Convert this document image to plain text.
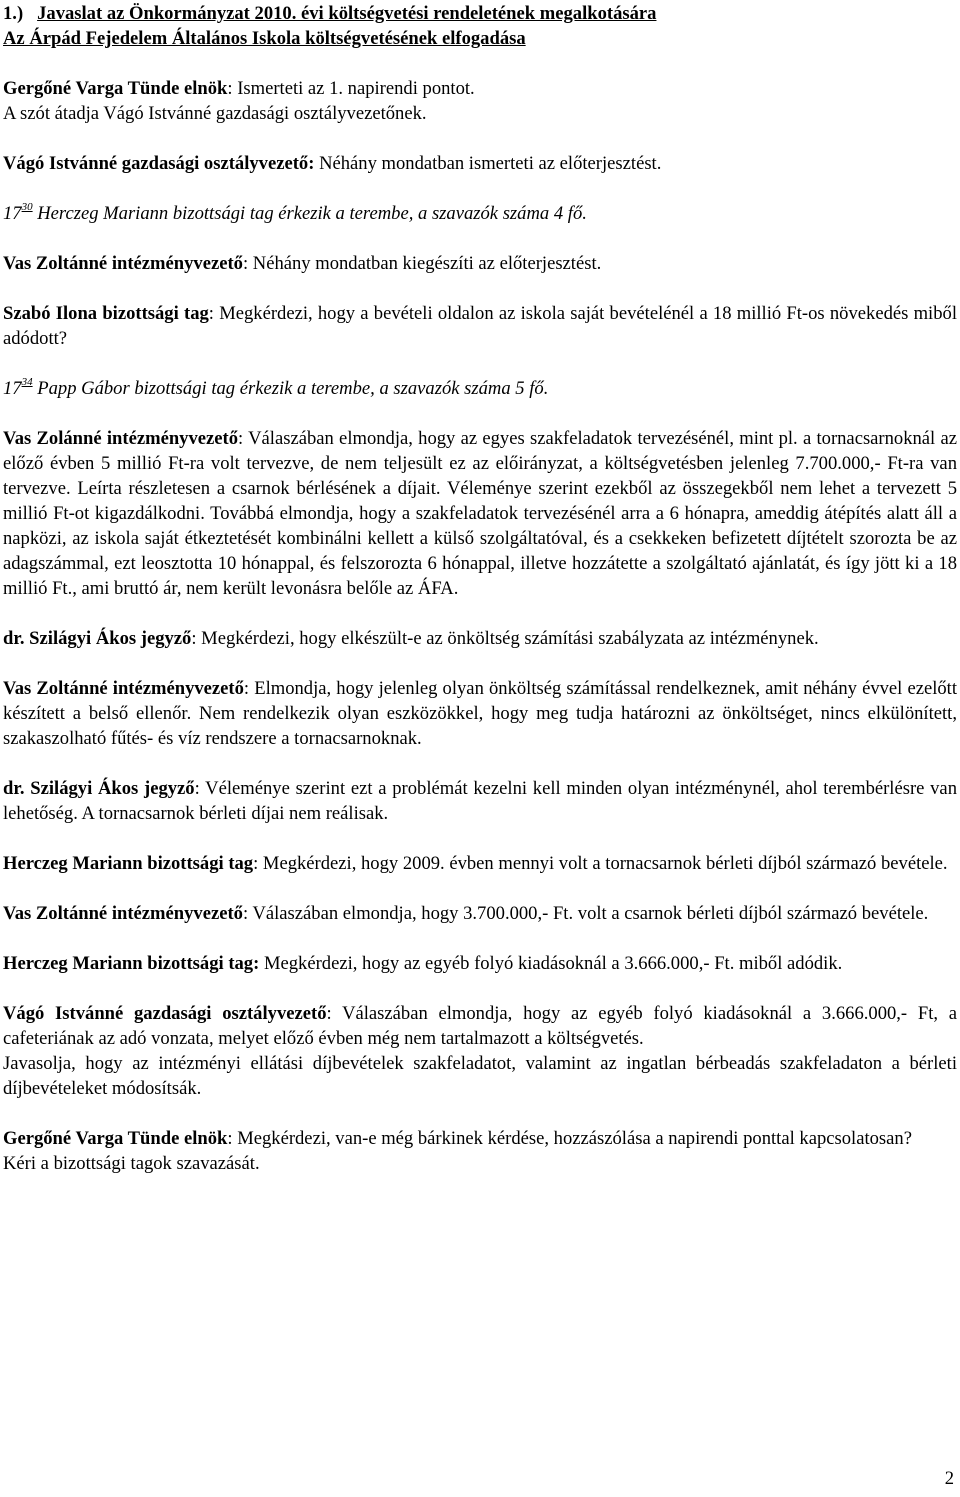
1.) Javaslat az Önkormányzat 2010. évi költségvetési rendeletének megalkotására
Az Árpád Fejedelem Általános Iskola költségvetésének elfogadása

Gergőné Varga Tünde elnök: Ismerteti az 1. napirendi pontot.

A szót átadja Vágó Istvánné gazdasági osztályvezetőnek.

Vágó Istvánné gazdasági osztályvezető: Néhány mondatban ismerteti az előterjesztést.

$17^{30}$ Herczeg Mariann bizottsági tag érkezik a terembe, a szavazók száma 4 fő.

Vas Zoltánné intézményvezető: Néhány mondatban kiegészíti az előterjesztést.

Szabó Ilona bizottsági tag: Megkérdezi, hogy a bevételi oldalon az iskola saját bevételénél a 18 millió Ft-os növekedés miből adódott?

$17^{34}$ Papp Gábor bizottsági tag érkezik a terembe, a szavazók száma 5 fő.

Vas Zolánné intézményvezető: Válaszában elmondja, hogy az egyes szakfeladatok tervezésénél, mint pl. a tornacsarnoknál az előző évben 5 millió Ft-ra volt tervezve, de nem teljesült ez az előirányzat, a költségvetésben jelenleg 7.700.000,- Ft-ra van tervezve. Leírta részletesen a csarnok bérlésének a díjait. Véleménye szerint ezekből az összegekből nem lehet a tervezett 5 millió Ft-ot kigazdálkodni. Továbbá elmondja, hogy a szakfeladatok tervezésénél arra a 6 hónapra, ameddig átépítés alatt áll a napközi, az iskola saját étkeztetését kombinálni kellett a külső szolgáltatóval, és a csekkeken befizetett díjtételt szorozta be az adagszámmal, ezt leosztotta 10 hónappal, és felszorozta 6 hónappal, illetve hozzátette a szolgáltató ajánlatát, és így jött ki a 18 millió Ft., ami bruttó ár, nem került levonásra belőle az ÁFA.

dr. Szilágyi Ákos jegyző: Megkérdezi, hogy elkészült-e az önköltség számítási szabályzata az intézménynek.

Vas Zoltánné intézményvezető: Elmondja, hogy jelenleg olyan önköltség számítással rendelkeznek, amit néhány évvel ezelőtt készített a belső ellenőr. Nem rendelkezik olyan eszközökkel, hogy meg tudja határozni az önköltséget, nincs elkülönített, szakaszolható fűtés- és víz rendszere a tornacsarnoknak.

dr. Szilágyi Ákos jegyző: Véleménye szerint ezt a problémát kezelni kell minden olyan intézménynél, ahol terembérlésre van lehetőség. A tornacsarnok bérleti díjai nem reálisak.

Herczeg Mariann bizottsági tag: Megkérdezi, hogy 2009. évben mennyi volt a tornacsarnok bérleti díjból származó bevétele.

Vas Zoltánné intézményvezető: Válaszában elmondja, hogy 3.700.000,- Ft. volt a csarnok bérleti díjból származó bevétele.

Herczeg Mariann bizottsági tag: Megkérdezi, hogy az egyéb folyó kiadásoknál a 3.666.000,- Ft. miből adódik.

Vágó Istvánné gazdasági osztályvezető: Válaszában elmondja, hogy az egyéb folyó kiadásoknál a 3.666.000,- Ft, a cafeteriának az adó vonzata, melyet előző évben még nem tartalmazott a költségvetés.

Javasolja, hogy az intézményi ellátási díjbevételek szakfeladatot, valamint az ingatlan bérbeadás szakfeladaton a bérleti díjbevételeket módosítsák.

Gergőné Varga Tünde elnök: Megkérdezi, van-e még bárkinek kérdése, hozzászólása a napirendi ponttal kapcsolatosan?

Kéri a bizottsági tagok szavazását.

2
